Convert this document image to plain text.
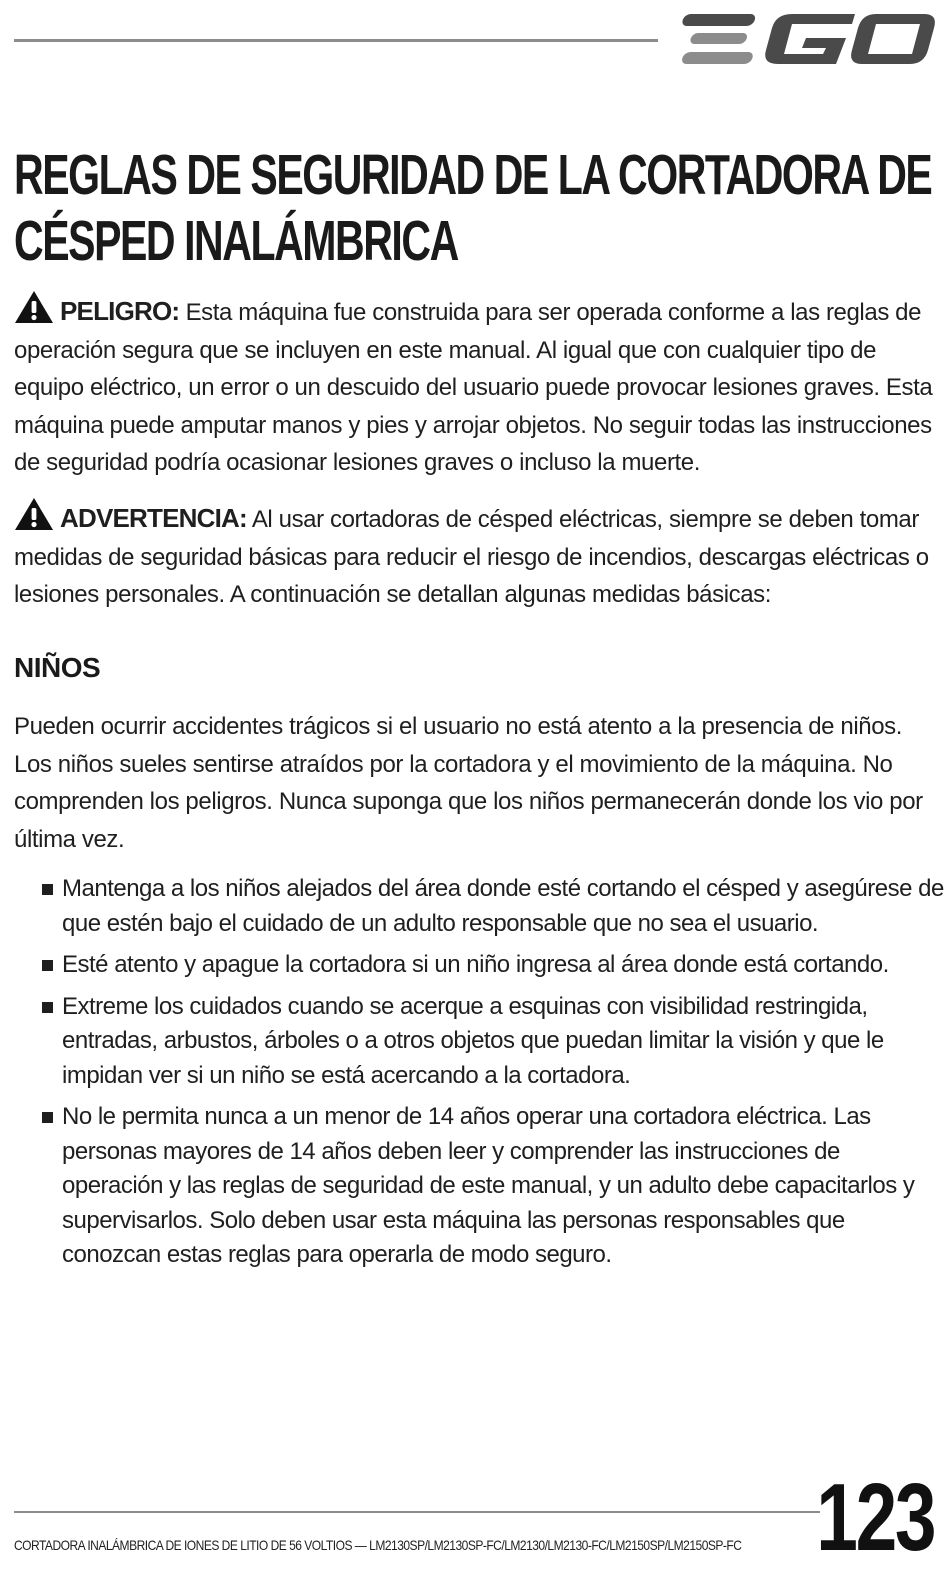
REGLAS DE SEGURIDAD DE LA CORTADORA DE
CÉSPED INALÁMBRICA

PELIGRO: Esta máquina fue construida para ser operada conforme a las reglas de operación segura que se incluyen en este manual. Al igual que con cualquier tipo de equipo eléctrico, un error o un descuido del usuario puede provocar lesiones graves. Esta máquina puede amputar manos y pies y arrojar objetos. No seguir todas las instrucciones de seguridad podría ocasionar lesiones graves o incluso la muerte.

ADVERTENCIA: Al usar cortadoras de césped eléctricas, siempre se deben tomar medidas de seguridad básicas para reducir el riesgo de incendios, descargas eléctricas o lesiones personales. A continuación se detallan algunas medidas básicas:

NIÑOS

Pueden ocurrir accidentes trágicos si el usuario no está atento a la presencia de niños. Los niños sueles sentirse atraídos por la cortadora y el movimiento de la máquina. No comprenden los peligros. Nunca suponga que los niños permanecerán donde los vio por última vez.

Mantenga a los niños alejados del área donde esté cortando el césped y asegúrese de que estén bajo el cuidado de un adulto responsable que no sea el usuario.
Esté atento y apague la cortadora si un niño ingresa al área donde está cortando.
Extreme los cuidados cuando se acerque a esquinas con visibilidad restringida, entradas, arbustos, árboles o a otros objetos que puedan limitar la visión y que le impidan ver si un niño se está acercando a la cortadora.
No le permita nunca a un menor de 14 años operar una cortadora eléctrica. Las personas mayores de 14 años deben leer y comprender las instrucciones de operación y las reglas de seguridad de este manual, y un adulto debe capacitarlos y supervisarlos. Solo deben usar esta máquina las personas responsables que conozcan estas reglas para operarla de modo seguro.
CORTADORA INALÁMBRICA DE IONES DE LITIO DE 56 VOLTIOS — LM2130SP/LM2130SP-FC/LM2130/LM2130-FC/LM2150SP/LM2150SP-FC 123
